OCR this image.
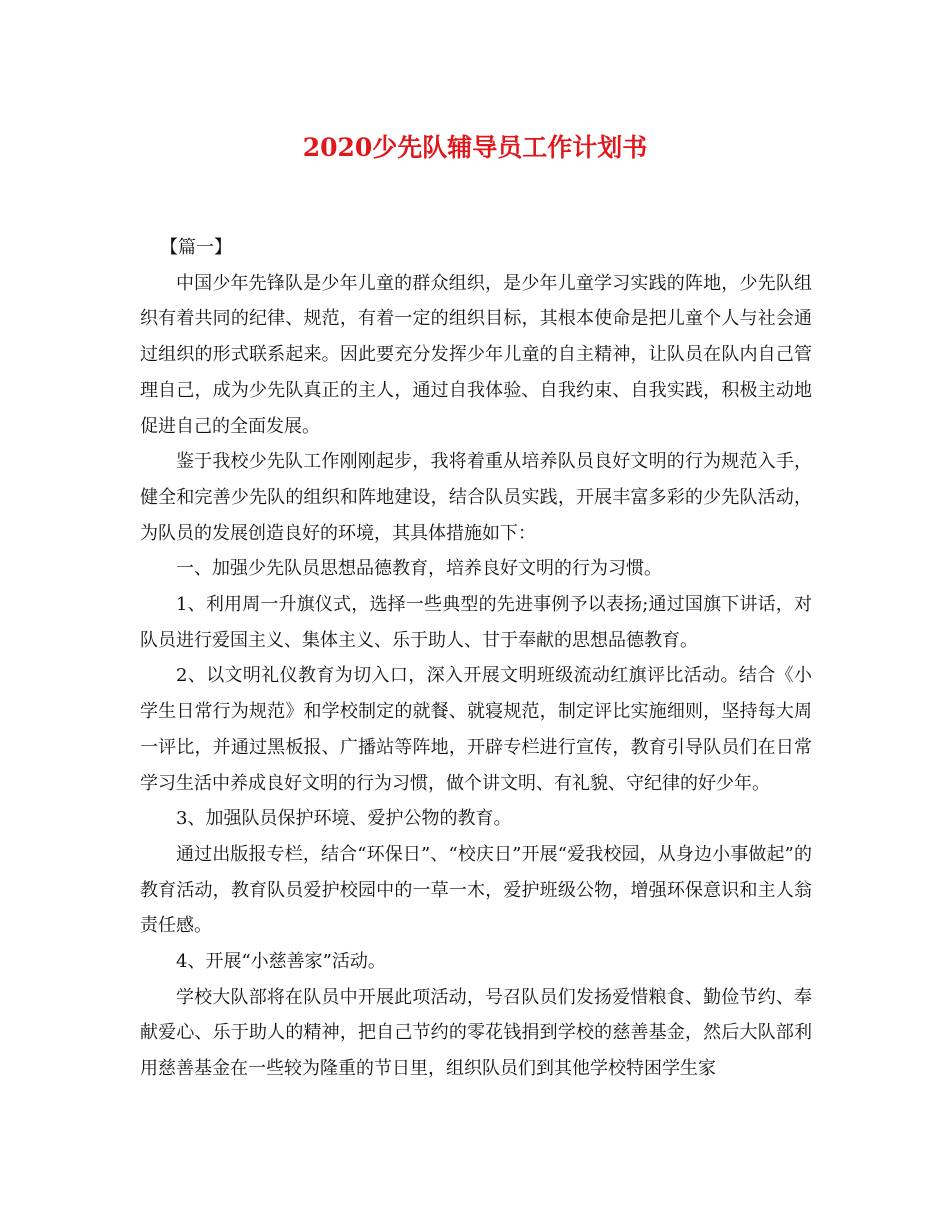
2020少先队辅导员工作计划书

【篇一】

中国少年先锋队是少年儿童的群众组织，是少年儿童学习实践的阵地，少先队组织有着共同的纪律、规范，有着一定的组织目标，其根本使命是把儿童个人与社会通过组织的形式联系起来。因此要充分发挥少年儿童的自主精神，让队员在队内自己管理自己，成为少先队真正的主人，通过自我体验、自我约束、自我实践，积极主动地促进自己的全面发展。

鉴于我校少先队工作刚刚起步，我将着重从培养队员良好文明的行为规范入手，健全和完善少先队的组织和阵地建设，结合队员实践，开展丰富多彩的少先队活动，为队员的发展创造良好的环境，其具体措施如下：

一、加强少先队员思想品德教育，培养良好文明的行为习惯。

1、利用周一升旗仪式，选择一些典型的先进事例予以表扬;通过国旗下讲话，对队员进行爱国主义、集体主义、乐于助人、甘于奉献的思想品德教育。

2、以文明礼仪教育为切入口，深入开展文明班级流动红旗评比活动。结合《小学生日常行为规范》和学校制定的就餐、就寝规范，制定评比实施细则，坚持每大周一评比，并通过黑板报、广播站等阵地，开辟专栏进行宣传，教育引导队员们在日常学习生活中养成良好文明的行为习惯，做个讲文明、有礼貌、守纪律的好少年。

3、加强队员保护环境、爱护公物的教育。

通过出版报专栏，结合“环保日”、“校庆日”开展“爱我校园，从身边小事做起”的教育活动，教育队员爱护校园中的一草一木，爱护班级公物，增强环保意识和主人翁责任感。

4、开展“小慈善家”活动。

学校大队部将在队员中开展此项活动，号召队员们发扬爱惜粮食、勤俭节约、奉献爱心、乐于助人的精神，把自己节约的零花钱捐到学校的慈善基金，然后大队部利用慈善基金在一些较为隆重的节日里，组织队员们到其他学校特困学生家
